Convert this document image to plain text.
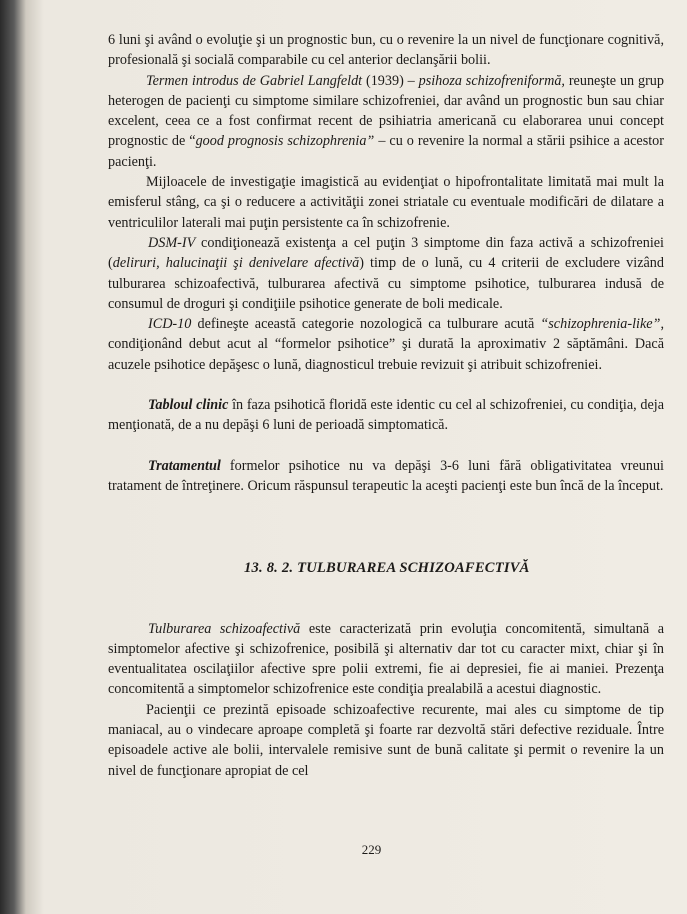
6 luni şi având o evoluţie şi un prognostic bun, cu o revenire la un nivel de funcţionare cognitivă, profesională şi socială comparabile cu cel anterior declanşării bolii.

Termen introdus de Gabriel Langfeldt (1939) – psihoza schizofreniformă, reuneşte un grup heterogen de pacienţi cu simptome similare schizofreniei, dar având un prognostic bun sau chiar excelent, ceea ce a fost confirmat recent de psihiatria americană cu elaborarea unui concept prognostic de “good prognosis schizophrenia” – cu o revenire la normal a stării psihice a acestor pacienţi.

Mijloacele de investigaţie imagistică au evidenţiat o hipofrontalitate limitată mai mult la emisferul stâng, ca şi o reducere a activităţii zonei striatale cu eventuale modificări de dilatare a ventriculilor laterali mai puţin persistente ca în schizofrenie.

DSM-IV condiţionează existenţa a cel puţin 3 simptome din faza activă a schizofreniei (deliruri, halucinaţii şi denivelare afectivă) timp de o lună, cu 4 criterii de excludere vizând tulburarea schizoafectivă, tulburarea afectivă cu simptome psihotice, tulburarea indusă de consumul de droguri şi condiţiile psihotice generate de boli medicale.

ICD-10 defineşte această categorie nozologică ca tulburare acută “schizophrenia-like”, condiţionând debut acut al “formelor psihotice” şi durată la aproximativ 2 săptămâni. Dacă acuzele psihotice depăşesc o lună, diagnosticul trebuie revizuit şi atribuit schizofreniei.

Tabloul clinic în faza psihotică floridă este identic cu cel al schizofreniei, cu condiţia, deja menţionată, de a nu depăşi 6 luni de perioadă simptomatică.

Tratamentul formelor psihotice nu va depăşi 3-6 luni fără obligativitatea vreunui tratament de întreţinere. Oricum răspunsul terapeutic la aceşti pacienţi este bun încă de la început.

13. 8. 2. TULBURAREA SCHIZOAFECTIVĂ

Tulburarea schizoafectivă este caracterizată prin evoluţia concomitentă, simultană a simptomelor afective şi schizofrenice, posibilă şi alternativ dar tot cu caracter mixt, chiar şi în eventualitatea oscilaţiilor afective spre polii extremi, fie ai depresiei, fie ai maniei. Prezenţa concomitentă a simptomelor schizofrenice este condiţia prealabilă a acestui diagnostic.

Pacienţii ce prezintă episoade schizoafective recurente, mai ales cu simptome de tip maniacal, au o vindecare aproape completă şi foarte rar dezvoltă stări defective reziduale. Între episoadele active ale bolii, intervalele remisive sunt de bună calitate şi permit o revenire la un nivel de funcţionare apropiat de cel

229
